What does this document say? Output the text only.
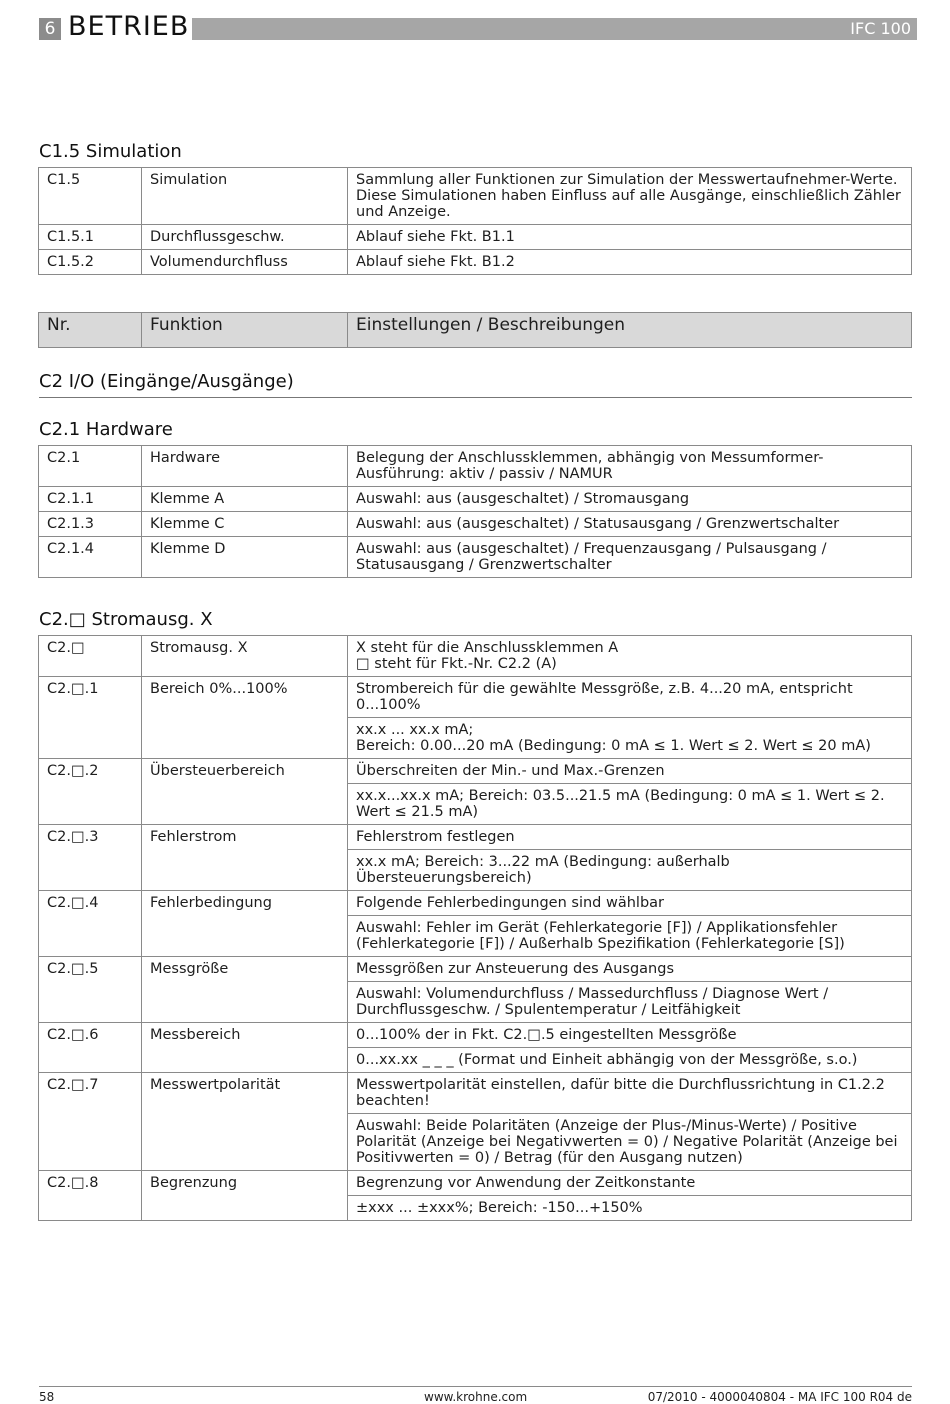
6 BETRIEB	IFC 100
C1.5 Simulation
C1.5	Simulation	Sammlung aller Funktionen zur Simulation der Messwertaufnehmer-Werte. Diese Simulationen haben Einfluss auf alle Ausgänge, einschließlich Zähler und Anzeige.
C1.5.1	Durchflussgeschw.	Ablauf siehe Fkt. B1.1
C1.5.2	Volumendurchfluss	Ablauf siehe Fkt. B1.2
Nr.	Funktion	Einstellungen / Beschreibungen
C2 I/O (Eingänge/Ausgänge)
C2.1 Hardware
C2.1	Hardware	Belegung der Anschlussklemmen, abhängig von Messumformer-Ausführung: aktiv / passiv / NAMUR
C2.1.1	Klemme A	Auswahl: aus (ausgeschaltet) / Stromausgang
C2.1.3	Klemme C	Auswahl: aus (ausgeschaltet) / Statusausgang / Grenzwertschalter
C2.1.4	Klemme D	Auswahl: aus (ausgeschaltet) / Frequenzausgang / Pulsausgang / Statusausgang / Grenzwertschalter
C2.□ Stromausg. X
C2.□	Stromausg. X	X steht für die Anschlussklemmen A
□ steht für Fkt.-Nr. C2.2 (A)

C2.□.1	Bereich 0%...100%	Strombereich für die gewählte Messgröße, z.B. 4...20 mA, entspricht 0...100%

		xx.x ... xx.x mA;
Bereich: 0.00...20 mA (Bedingung: 0 mA ≤ 1. Wert ≤ 2. Wert ≤ 20 mA)

C2.□.2	Übersteuerbereich	Überschreiten der Min.- und Max.-Grenzen
		xx.x...xx.x mA; Bereich: 03.5...21.5 mA (Bedingung: 0 mA ≤ 1. Wert ≤ 2. Wert ≤ 21.5 mA)
C2.□.3	Fehlerstrom	Fehlerstrom festlegen
		xx.x mA; Bereich: 3...22 mA (Bedingung: außerhalb Übersteuerungsbereich)
C2.□.4	Fehlerbedingung	Folgende Fehlerbedingungen sind wählbar
		Auswahl: Fehler im Gerät (Fehlerkategorie [F]) / Applikationsfehler (Fehlerkategorie [F]) / Außerhalb Spezifikation (Fehlerkategorie [S])
C2.□.5	Messgröße	Messgrößen zur Ansteuerung des Ausgangs
		Auswahl: Volumendurchfluss / Massedurchfluss / Diagnose Wert / Durchflussgeschw. / Spulentemperatur / Leitfähigkeit
C2.□.6	Messbereich	0...100% der in Fkt. C2.□.5 eingestellten Messgröße
		0...xx.xx _ _ _ (Format und Einheit abhängig von der Messgröße, s.o.)
C2.□.7	Messwertpolarität	Messwertpolarität einstellen, dafür bitte die Durchflussrichtung in C1.2.2 beachten!
		Auswahl: Beide Polaritäten (Anzeige der Plus-/Minus-Werte) / Positive Polarität (Anzeige bei Negativwerten = 0) / Negative Polarität (Anzeige bei Positivwerten = 0) / Betrag (für den Ausgang nutzen)
C2.□.8	Begrenzung	Begrenzung vor Anwendung der Zeitkonstante
		±xxx ... ±xxx%; Bereich: -150...+150%
58	www.krohne.com	07/2010 - 4000040804 - MA IFC 100 R04 de
